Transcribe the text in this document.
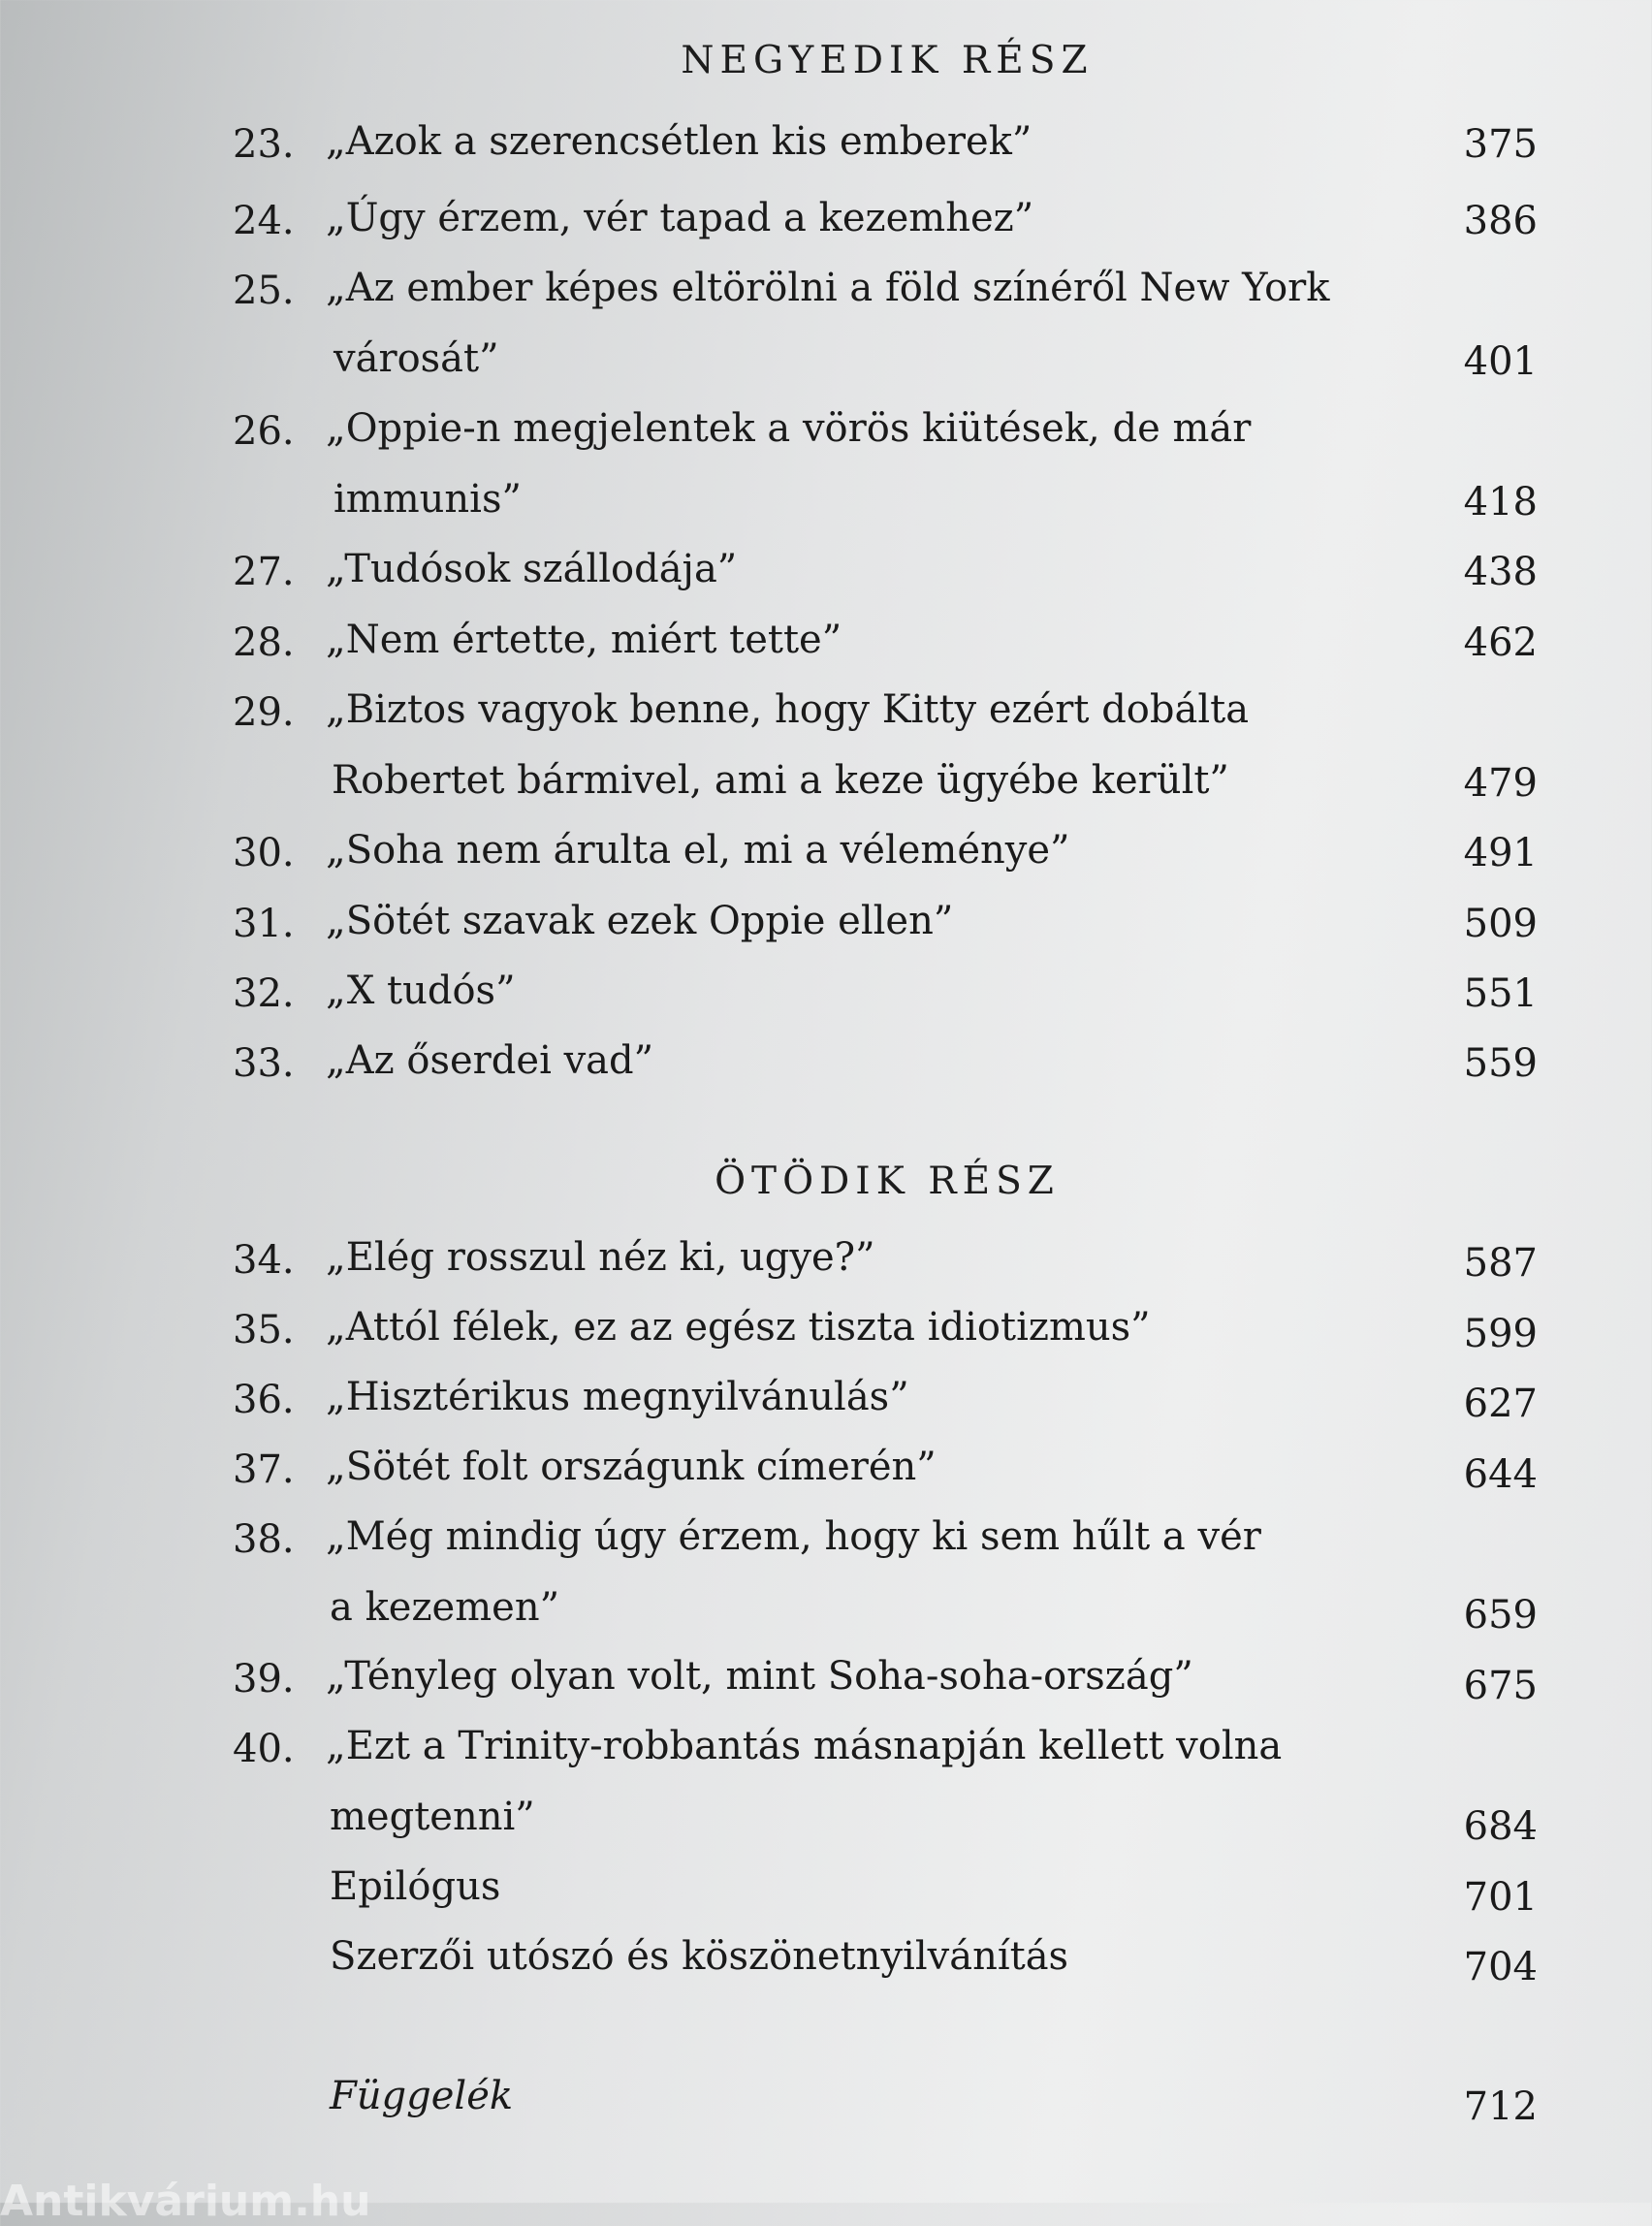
NEGYEDIK RÉSZ
23. „Azok a szerencsétlen kis emberek”	375
24. „Úgy érzem, vér tapad a kezemhez”	386
25. „Az ember képes eltörölni a föld színéről New York
városát”	401
26. „Oppie-n megjelentek a vörös kiütések, de már
immunis”	418
27. „Tudósok szállodája”	438
28. „Nem értette, miért tette”	462
29. „Biztos vagyok benne, hogy Kitty ezért dobálta
Robertet bármivel, ami a keze ügyébe került”	479
30. „Soha nem árulta el, mi a véleménye”	491
31. „Sötét szavak ezek Oppie ellen”	509
32. „X tudós”	551
33. „Az őserdei vad”	559
ÖTÖDIK RÉSZ
34. „Elég rosszul néz ki, ugye?”	587
35. „Attól félek, ez az egész tiszta idiotizmus”	599
36. „Hisztérikus megnyilvánulás”	627
37. „Sötét folt országunk címerén”	644
38. „Még mindig úgy érzem, hogy ki sem hűlt a vér
a kezemen”	659
39. „Tényleg olyan volt, mint Soha-soha-ország”	675
40. „Ezt a Trinity-robbantás másnapján kellett volna
megtenni”	684
Epilógus	701
Szerzői utószó és köszönetnyilvánítás	704
Függelék	712
Antikvárium.hu
